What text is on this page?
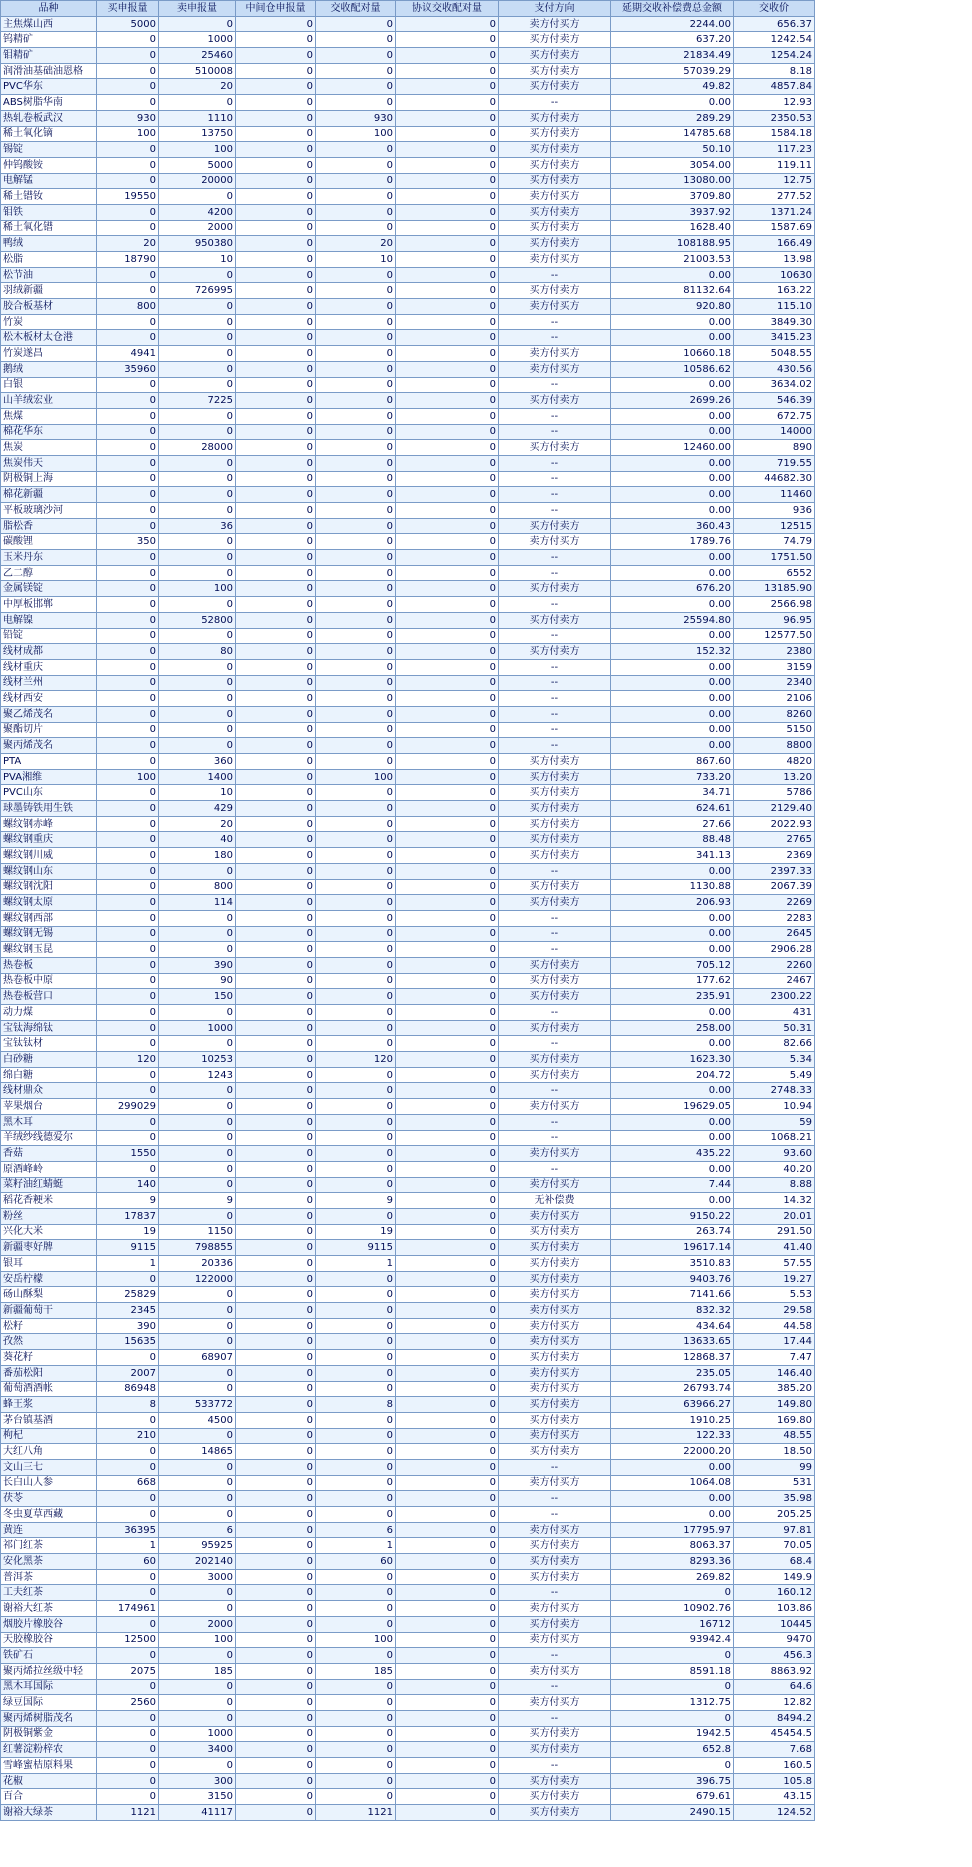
品种	买申报量	卖申报量	中间仓申报量	交收配对量	协议交收配对量	支付方向	延期交收补偿费总金额	交收价
主焦煤山西	5000	0	0	0	0	卖方付买方	2244.00	656.37
钨精矿	0	1000	0	0	0	买方付卖方	637.20	1242.54
钼精矿	0	25460	0	0	0	买方付卖方	21834.49	1254.24
润滑油基础油恩格	0	510008	0	0	0	买方付卖方	57039.29	8.18
PVC华东	0	20	0	0	0	买方付卖方	49.82	4857.84
ABS树脂华南	0	0	0	0	0	--	0.00	12.93
热轧卷板武汉	930	1110	0	930	0	买方付卖方	289.29	2350.53
稀土氧化镝	100	13750	0	100	0	买方付卖方	14785.68	1584.18
锡锭	0	100	0	0	0	买方付卖方	50.10	117.23
仲钨酸铵	0	5000	0	0	0	买方付卖方	3054.00	119.11
电解锰	0	20000	0	0	0	买方付卖方	13080.00	12.75
稀土镨钕	19550	0	0	0	0	卖方付买方	3709.80	277.52
钼铁	0	4200	0	0	0	买方付卖方	3937.92	1371.24
稀土氧化镨	0	2000	0	0	0	买方付卖方	1628.40	1587.69
鸭绒	20	950380	0	20	0	买方付卖方	108188.95	166.49
松脂	18790	10	0	10	0	卖方付买方	21003.53	13.98
松节油	0	0	0	0	0	--	0.00	10630
羽绒新疆	0	726995	0	0	0	买方付卖方	81132.64	163.22
胶合板基材	800	0	0	0	0	卖方付买方	920.80	115.10
竹炭	0	0	0	0	0	--	0.00	3849.30
松木板材太仓港	0	0	0	0	0	--	0.00	3415.23
竹炭遂昌	4941	0	0	0	0	卖方付买方	10660.18	5048.55
鹅绒	35960	0	0	0	0	卖方付买方	10586.62	430.56
白银	0	0	0	0	0	--	0.00	3634.02
山羊绒宏业	0	7225	0	0	0	买方付卖方	2699.26	546.39
焦煤	0	0	0	0	0	--	0.00	672.75
棉花华东	0	0	0	0	0	--	0.00	14000
焦炭	0	28000	0	0	0	买方付卖方	12460.00	890
焦炭伟天	0	0	0	0	0	--	0.00	719.55
阴极铜上海	0	0	0	0	0	--	0.00	44682.30
棉花新疆	0	0	0	0	0	--	0.00	11460
平板玻璃沙河	0	0	0	0	0	--	0.00	936
脂松香	0	36	0	0	0	买方付卖方	360.43	12515
碳酸锂	350	0	0	0	0	卖方付买方	1789.76	74.79
玉米丹东	0	0	0	0	0	--	0.00	1751.50
乙二醇	0	0	0	0	0	--	0.00	6552
金属镁锭	0	100	0	0	0	买方付卖方	676.20	13185.90
中厚板邯郸	0	0	0	0	0	--	0.00	2566.98
电解镍	0	52800	0	0	0	买方付卖方	25594.80	96.95
铅锭	0	0	0	0	0	--	0.00	12577.50
线材成都	0	80	0	0	0	买方付卖方	152.32	2380
线材重庆	0	0	0	0	0	--	0.00	3159
线材兰州	0	0	0	0	0	--	0.00	2340
线材西安	0	0	0	0	0	--	0.00	2106
聚乙烯茂名	0	0	0	0	0	--	0.00	8260
聚酯切片	0	0	0	0	0	--	0.00	5150
聚丙烯茂名	0	0	0	0	0	--	0.00	8800
PTA	0	360	0	0	0	买方付卖方	867.60	4820
PVA湘维	100	1400	0	100	0	买方付卖方	733.20	13.20
PVC山东	0	10	0	0	0	买方付卖方	34.71	5786
球墨铸铁用生铁	0	429	0	0	0	买方付卖方	624.61	2129.40
螺纹钢赤峰	0	20	0	0	0	买方付卖方	27.66	2022.93
螺纹钢重庆	0	40	0	0	0	买方付卖方	88.48	2765
螺纹钢川威	0	180	0	0	0	买方付卖方	341.13	2369
螺纹钢山东	0	0	0	0	0	--	0.00	2397.33
螺纹钢沈阳	0	800	0	0	0	买方付卖方	1130.88	2067.39
螺纹钢太原	0	114	0	0	0	买方付卖方	206.93	2269
螺纹钢西部	0	0	0	0	0	--	0.00	2283
螺纹钢无锡	0	0	0	0	0	--	0.00	2645
螺纹钢玉昆	0	0	0	0	0	--	0.00	2906.28
热卷板	0	390	0	0	0	买方付卖方	705.12	2260
热卷板中原	0	90	0	0	0	买方付卖方	177.62	2467
热卷板营口	0	150	0	0	0	买方付卖方	235.91	2300.22
动力煤	0	0	0	0	0	--	0.00	431
宝钛海绵钛	0	1000	0	0	0	买方付卖方	258.00	50.31
宝钛钛材	0	0	0	0	0	--	0.00	82.66
白砂糖	120	10253	0	120	0	买方付卖方	1623.30	5.34
绵白糖	0	1243	0	0	0	买方付卖方	204.72	5.49
线材鼎众	0	0	0	0	0	--	0.00	2748.33
苹果烟台	299029	0	0	0	0	卖方付买方	19629.05	10.94
黑木耳	0	0	0	0	0	--	0.00	59
羊绒纱线德爱尔	0	0	0	0	0	--	0.00	1068.21
香菇	1550	0	0	0	0	卖方付买方	435.22	93.60
原酒峰岭	0	0	0	0	0	--	0.00	40.20
菜籽油红蜻蜓	140	0	0	0	0	卖方付买方	7.44	8.88
稻花香粳米	9	9	0	9	0	无补偿费	0.00	14.32
粉丝	17837	0	0	0	0	卖方付买方	9150.22	20.01
兴化大米	19	1150	0	19	0	买方付卖方	263.74	291.50
新疆枣好牌	9115	798855	0	9115	0	买方付卖方	19617.14	41.40
银耳	1	20336	0	1	0	买方付卖方	3510.83	57.55
安岳柠檬	0	122000	0	0	0	买方付卖方	9403.76	19.27
砀山酥梨	25829	0	0	0	0	卖方付买方	7141.66	5.53
新疆葡萄干	2345	0	0	0	0	卖方付买方	832.32	29.58
松籽	390	0	0	0	0	卖方付买方	434.64	44.58
孜然	15635	0	0	0	0	卖方付买方	13633.65	17.44
葵花籽	0	68907	0	0	0	买方付卖方	12868.37	7.47
番茄松阳	2007	0	0	0	0	卖方付买方	235.05	146.40
葡萄酒酒帐	86948	0	0	0	0	卖方付买方	26793.74	385.20
蜂王浆	8	533772	0	8	0	买方付卖方	63966.27	149.80
茅台镇基酒	0	4500	0	0	0	买方付卖方	1910.25	169.80
枸杞	210	0	0	0	0	卖方付买方	122.33	48.55
大红八角	0	14865	0	0	0	买方付卖方	22000.20	18.50
文山三七	0	0	0	0	0	--	0.00	99
长白山人参	668	0	0	0	0	卖方付买方	1064.08	531
茯苓	0	0	0	0	0	--	0.00	35.98
冬虫夏草西藏	0	0	0	0	0	--	0.00	205.25
黄连	36395	6	0	6	0	卖方付买方	17795.97	97.81
祁门红茶	1	95925	0	1	0	买方付卖方	8063.37	70.05
安化黑茶	60	202140	0	60	0	买方付卖方	8293.36	68.4
普洱茶	0	3000	0	0	0	买方付卖方	269.82	149.9
工夫红茶	0	0	0	0	0	--	0	160.12
谢裕大红茶	174961	0	0	0	0	卖方付买方	10902.76	103.86
烟胶片橡胶谷	0	2000	0	0	0	买方付卖方	16712	10445
天胶橡胶谷	12500	100	0	100	0	卖方付买方	93942.4	9470
铁矿石	0	0	0	0	0	--	0	456.3
聚丙烯拉丝级中轻	2075	185	0	185	0	卖方付买方	8591.18	8863.92
黑木耳国际	0	0	0	0	0	--	0	64.6
绿豆国际	2560	0	0	0	0	卖方付买方	1312.75	12.82
聚丙烯树脂茂名	0	0	0	0	0	--	0	8494.2
阴极铜紫金	0	1000	0	0	0	买方付卖方	1942.5	45454.5
红薯淀粉梓农	0	3400	0	0	0	买方付卖方	652.8	7.68
雪峰蜜桔原料果	0	0	0	0	0	--	0	160.5
花椒	0	300	0	0	0	买方付卖方	396.75	105.8
百合	0	3150	0	0	0	买方付卖方	679.61	43.15
谢裕大绿茶	1121	41117	0	1121	0	买方付卖方	2490.15	124.52
